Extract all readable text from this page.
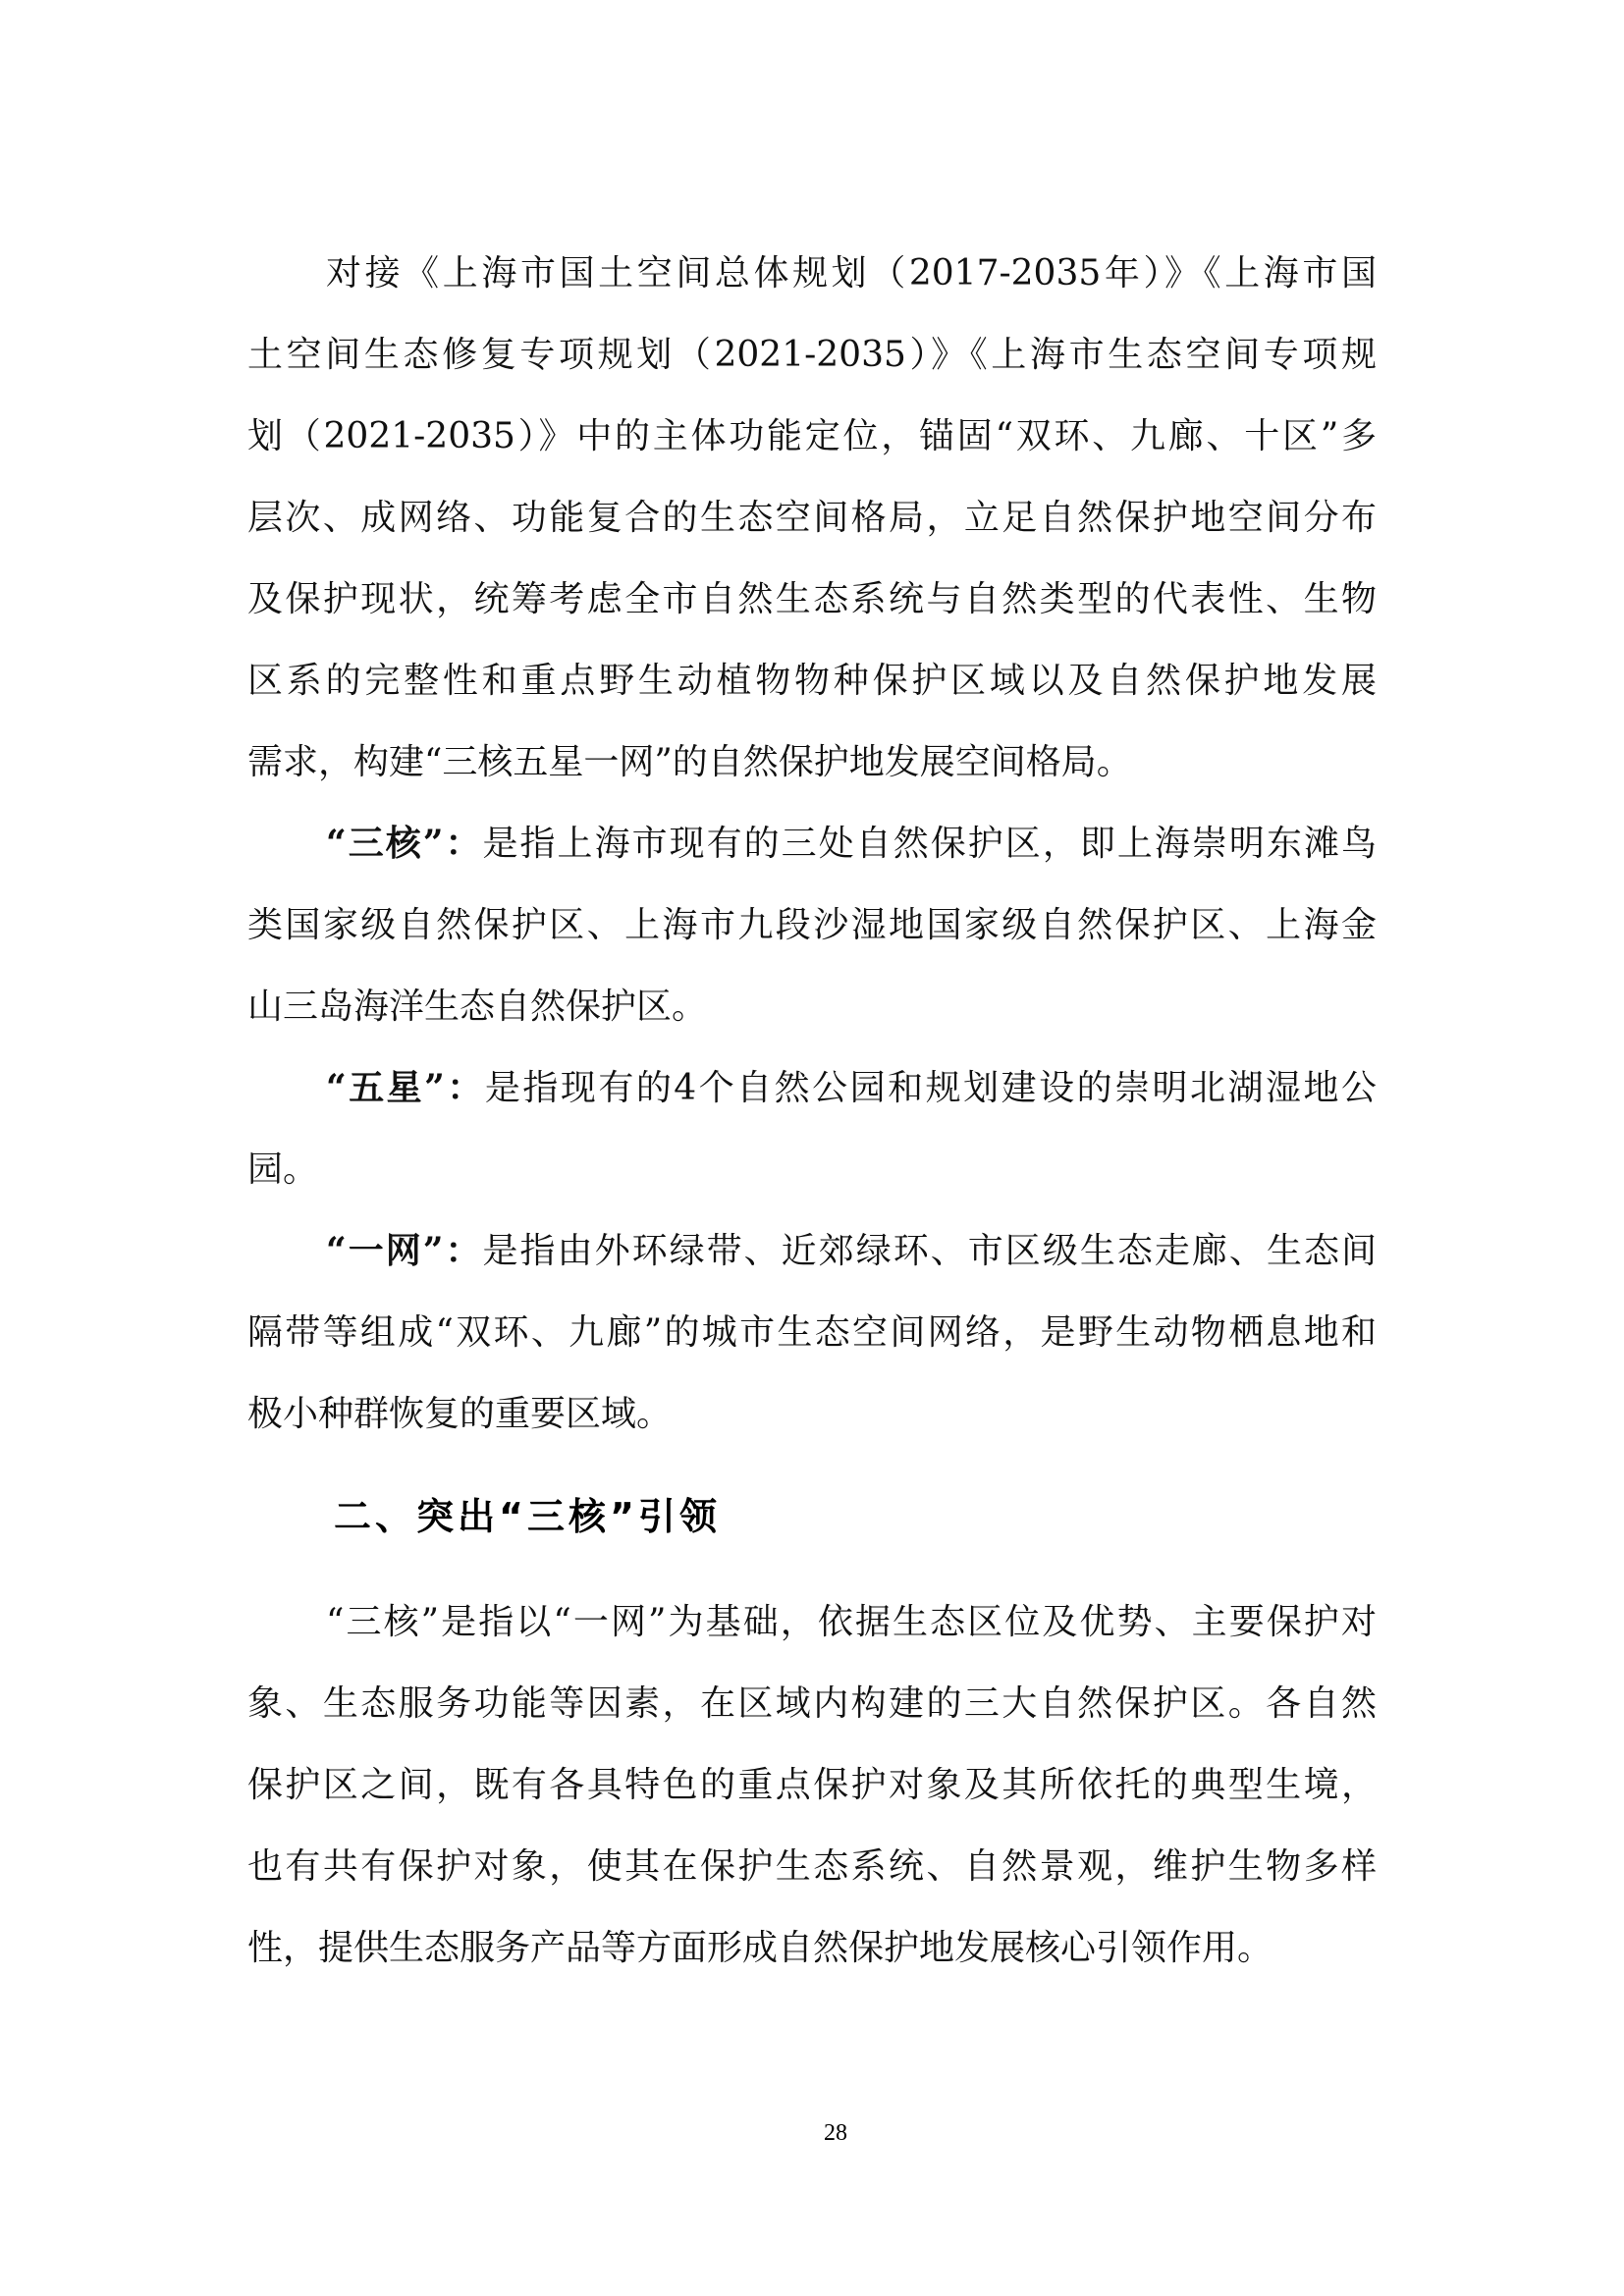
对接《上海市国土空间总体规划（2017-2035年）》《上海市国
土空间生态修复专项规划（2021-2035）》《上海市生态空间专项规
划（2021-2035）》中的主体功能定位，锚固“双环、九廊、十区”多
层次、成网络、功能复合的生态空间格局，立足自然保护地空间分布
及保护现状，统筹考虑全市自然生态系统与自然类型的代表性、生物
区系的完整性和重点野生动植物物种保护区域以及自然保护地发展
需求，构建“三核五星一网”的自然保护地发展空间格局。
“三核”：是指上海市现有的三处自然保护区，即上海崇明东滩鸟
类国家级自然保护区、上海市九段沙湿地国家级自然保护区、上海金
山三岛海洋生态自然保护区。
“五星”：是指现有的4个自然公园和规划建设的崇明北湖湿地公
园。
“一网”：是指由外环绿带、近郊绿环、市区级生态走廊、生态间
隔带等组成“双环、九廊”的城市生态空间网络，是野生动物栖息地和
极小种群恢复的重要区域。
二、突出“三核”引领
“三核”是指以“一网”为基础，依据生态区位及优势、主要保护对
象、生态服务功能等因素，在区域内构建的三大自然保护区。各自然
保护区之间，既有各具特色的重点保护对象及其所依托的典型生境，
也有共有保护对象，使其在保护生态系统、自然景观，维护生物多样
性，提供生态服务产品等方面形成自然保护地发展核心引领作用。
28
